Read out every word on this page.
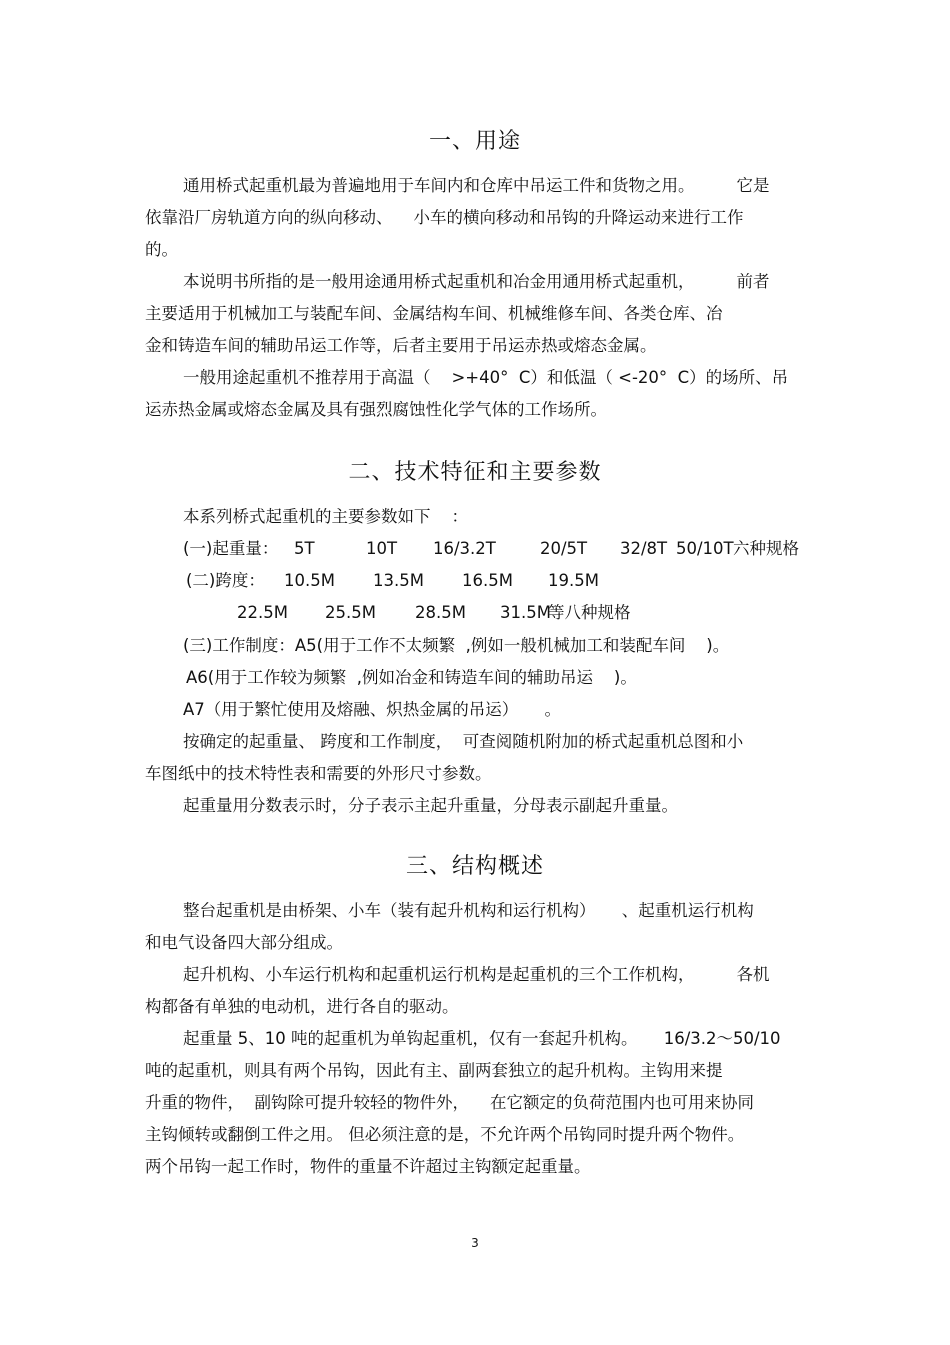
一、用途
通用桥式起重机最为普遍地用于车间内和仓库中吊运工件和货物之用。        它是
依靠沿厂房轨道方向的纵向移动、    小车的横向移动和吊钩的升降运动来进行工作
的。
本说明书所指的是一般用途通用桥式起重机和冶金用通用桥式起重机，        前者
主要适用于机械加工与装配车间、金属结构车间、机械维修车间、各类仓库、冶
金和铸造车间的辅助吊运工作等，后者主要用于吊运赤热或熔态金属。
一般用途起重机不推荐用于高温（    >+40°  C）和低温（ <-20°  C）的场所、吊
运赤热金属或熔态金属及具有强烈腐蚀性化学气体的工作场所。
二、技术特征和主要参数
本系列桥式起重机的主要参数如下    ：

(一)起重量：

5T

	10T

16/3.2T

	20/5T

32/8T

50/10T

六种规格

(二)跨度：

10.5M

13.5M

16.5M

19.5M

22.5M

25.5M

28.5M

31.5M

等八种规格

(三)工作制度：A5(用于工作不太频繁  ,例如一般机械加工和装配车间    )。
A6(用于工作较为频繁  ,例如冶金和铸造车间的辅助吊运    )。
A7（用于繁忙使用及熔融、炽热金属的吊运）     。
按确定的起重量、 跨度和工作制度，  可查阅随机附加的桥式起重机总图和小
车图纸中的技术特性表和需要的外形尺寸参数。
起重量用分数表示时，分子表示主起升重量，分母表示副起升重量。
三、结构概述
整台起重机是由桥架、小车（装有起升机构和运行机构）     、起重机运行机构
和电气设备四大部分组成。
起升机构、小车运行机构和起重机运行机构是起重机的三个工作机构，        各机
构都备有单独的电动机，进行各自的驱动。
起重量 5、10 吨的起重机为单钩起重机，仅有一套起升机构。     16/3.2～50/10
吨的起重机，则具有两个吊钩，因此有主、副两套独立的起升机构。主钩用来提
升重的物件，  副钩除可提升较轻的物件外，    在它额定的负荷范围内也可用来协同
主钩倾转或翻倒工件之用。 但必须注意的是，不允许两个吊钩同时提升两个物件。
两个吊钩一起工作时，物件的重量不许超过主钩额定起重量。
3
